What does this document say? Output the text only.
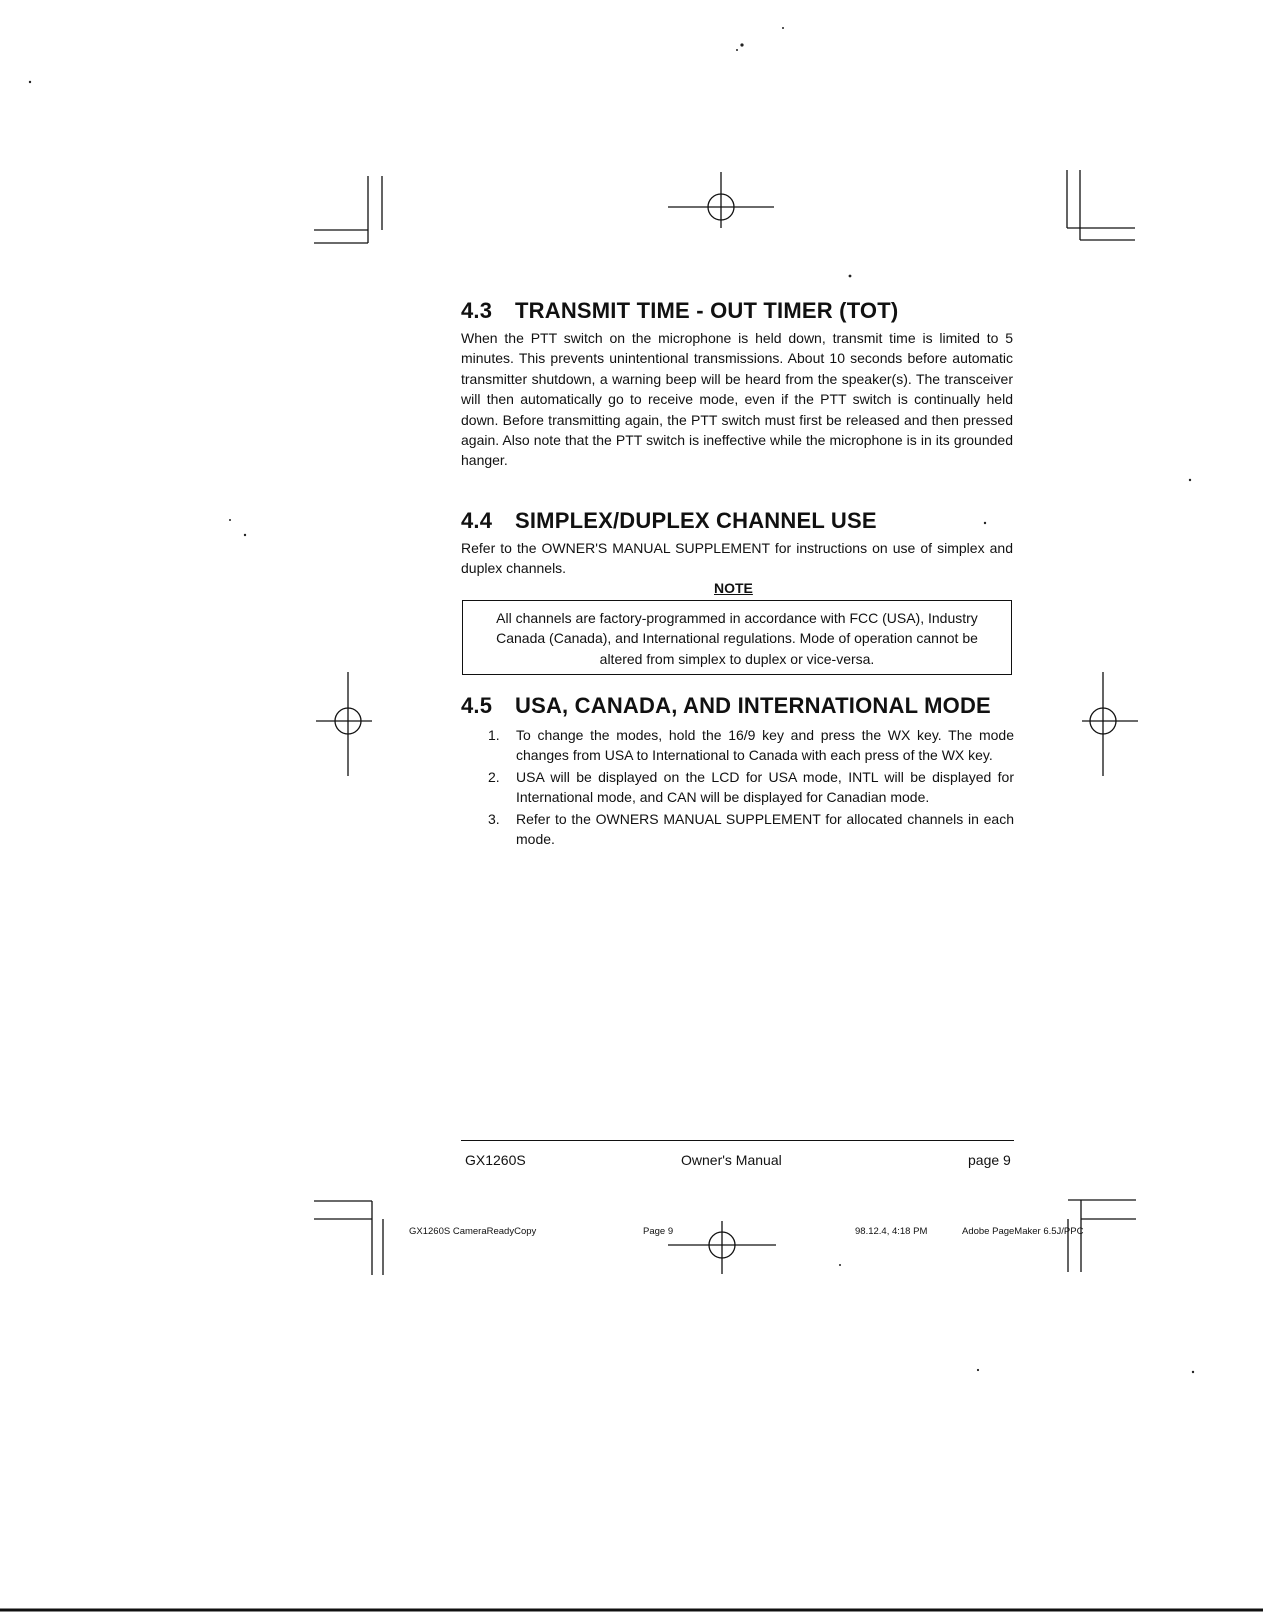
4.3 TRANSMIT TIME - OUT TIMER (TOT)

When the PTT switch on the microphone is held down, transmit time is limited to 5 minutes. This prevents unintentional transmissions. About 10 seconds before automatic transmitter shutdown, a warning beep will be heard from the speaker(s). The transceiver will then automatically go to receive mode, even if the PTT switch is continually held down. Before transmitting again, the PTT switch must first be released and then pressed again. Also note that the PTT switch is ineffective while the microphone is in its grounded hanger.

4.4 SIMPLEX/DUPLEX CHANNEL USE

Refer to the OWNER'S MANUAL SUPPLEMENT for instructions on use of simplex and duplex channels.

NOTE
All channels are factory-programmed in accordance with FCC (USA), Industry Canada (Canada), and International regulations. Mode of operation cannot be altered from simplex to duplex or vice-versa.
4.5 USA, CANADA, AND INTERNATIONAL MODE
1. To change the modes, hold the 16/9 key and press the WX key. The mode changes from USA to International to Canada with each press of the WX key.
2. USA will be displayed on the LCD for USA mode, INTL will be displayed for International mode, and CAN will be displayed for Canadian mode.
3. Refer to the OWNERS MANUAL SUPPLEMENT for allocated channels in each mode.
GX1260S	Owner's Manual	page 9
GX1260S CameraReadyCopy	Page 9	98.12.4, 4:18 PM	Adobe PageMaker 6.5J/PPC
